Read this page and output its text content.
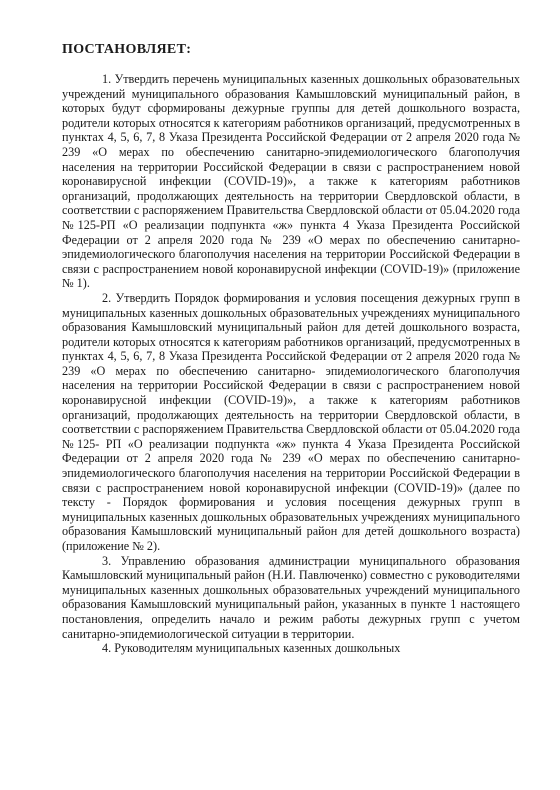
ПОСТАНОВЛЯЕТ:

1. Утвердить перечень муниципальных казенных дошкольных образовательных учреждений муниципального образования Камышловский муниципальный район, в которых будут сформированы дежурные группы для детей дошкольного возраста, родители которых относятся к категориям работников организаций, предусмотренных в пунктах 4, 5, 6, 7, 8 Указа Президента Российской Федерации от 2 апреля 2020 года № 239 «О мерах по обеспечению санитарно-эпидемиологического благополучия населения на территории Российской Федерации в связи с распространением новой коронавирусной инфекции (COVID-19)», а также к категориям работников организаций, продолжающих деятельность на территории Свердловской области, в соответствии с распоряжением Правительства Свердловской области от 05.04.2020 года №125-РП «О реализации подпункта «ж» пункта 4 Указа Президента Российской Федерации от 2 апреля 2020 года № 239 «О мерах по обеспечению санитарно-эпидемиологического благополучия населения на территории Российской Федерации в связи с распространением новой коронавирусной инфекции (COVID-19)» (приложение № 1).

2. Утвердить Порядок формирования и условия посещения дежурных групп в муниципальных казенных дошкольных образовательных учреждениях муниципального образования Камышловский муниципальный район для детей дошкольного возраста, родители которых относятся к категориям работников организаций, предусмотренных в пунктах 4, 5, 6, 7, 8 Указа Президента Российской Федерации от 2 апреля 2020 года № 239 «О мерах по обеспечению санитарно- эпидемиологического благополучия населения на территории Российской Федерации в связи с распространением новой коронавирусной инфекции (COVID-19)», а также к категориям работников организаций, продолжающих деятельность на территории Свердловской области, в соответствии с распоряжением Правительства Свердловской области от 05.04.2020 года №125- РП «О реализации подпункта «ж» пункта 4 Указа Президента Российской Федерации от 2 апреля 2020 года № 239 «О мерах по обеспечению санитарно-эпидемиологического благополучия населения на территории Российской Федерации в связи с распространением новой коронавирусной инфекции (COVID-19)» (далее по тексту - Порядок формирования и условия посещения дежурных групп в муниципальных казенных дошкольных образовательных учреждениях муниципального образования Камышловский муниципальный район для детей дошкольного возраста) (приложение № 2).

3. Управлению образования администрации муниципального образования Камышловский муниципальный район (Н.И. Павлюченко) совместно с руководителями муниципальных казенных дошкольных образовательных учреждений муниципального образования Камышловский муниципальный район, указанных в пункте 1 настоящего постановления, определить начало и режим работы дежурных групп с учетом санитарно-эпидемиологической ситуации в территории.

4. Руководителям муниципальных казенных дошкольных
